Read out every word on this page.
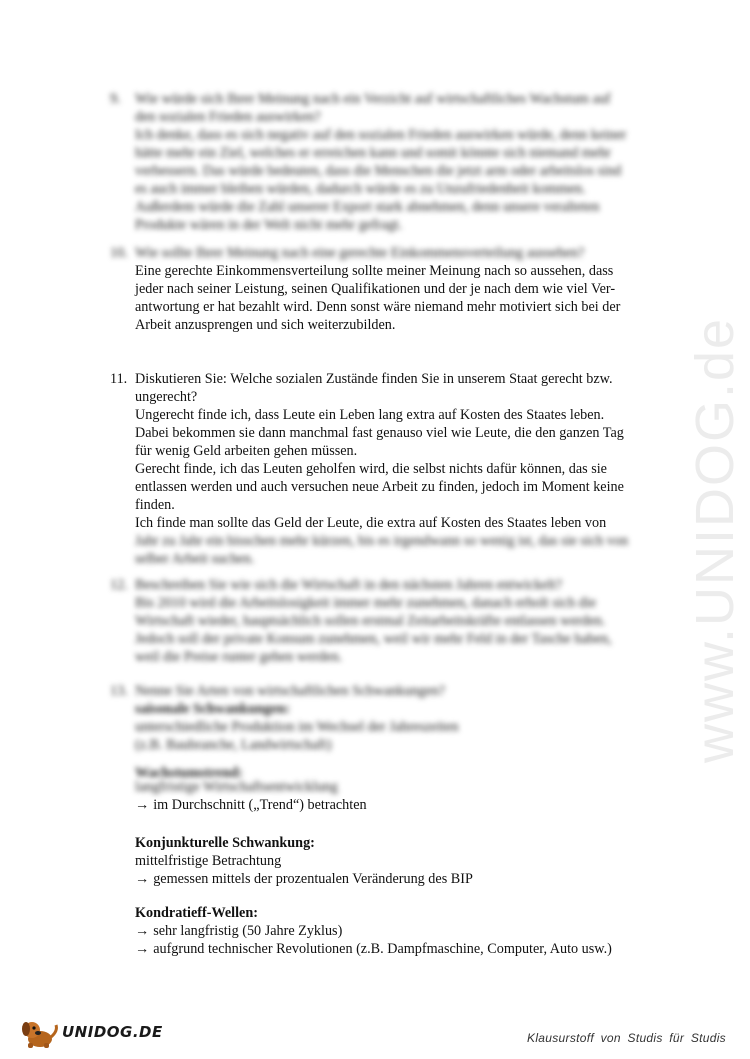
www.UNIDOG.de
9. Wie würde sich Ihrer Meinung nach ein Verzicht auf wirtschaftliches Wachstum auf

den sozialen Frieden auswirken?

Ich denke, dass es sich negativ auf den sozialen Frieden auswirken würde, denn keiner

hätte mehr ein Ziel, welches er erreichen kann und somit könnte sich niemand mehr

verbessern. Das würde bedeuten, dass die Menschen die jetzt arm oder arbeitslos sind

es auch immer bleiben würden, dadurch würde es zu Unzufriedenheit kommen.

Außerdem würde die Zahl unserer Export stark abnehmen, denn unsere veralteten

Produkte wären in der Welt nicht mehr gefragt.

10. Wie sollte Ihrer Meinung nach eine gerechte Einkommensverteilung aussehen?

Eine gerechte Einkommensverteilung sollte meiner Meinung nach so aussehen, dass

jeder nach seiner Leistung, seinen Qualifikationen und der je nach dem wie viel Ver-

antwortung er hat bezahlt wird. Denn sonst wäre niemand mehr motiviert sich bei der

Arbeit anzusprengen und sich weiterzubilden.

11. Diskutieren Sie: Welche sozialen Zustände finden Sie in unserem Staat gerecht bzw.

ungerecht?

Ungerecht finde ich, dass Leute ein Leben lang extra auf Kosten des Staates leben.

Dabei bekommen sie dann manchmal fast genauso viel wie Leute, die den ganzen Tag

für wenig Geld arbeiten gehen müssen.

Gerecht finde, ich das Leuten geholfen wird, die selbst nichts dafür können, das sie

entlassen werden und auch versuchen neue Arbeit zu finden, jedoch im Moment keine

finden.

Ich finde man sollte das Geld der Leute, die extra auf Kosten des Staates leben von

Jahr zu Jahr ein bisschen mehr kürzen, bis es irgendwann so wenig ist, das sie sich von

selber Arbeit suchen.

12. Beschreiben Sie wie sich die Wirtschaft in den nächsten Jahren entwickelt?

Bis 2010 wird die Arbeitslosigkeit immer mehr zunehmen, danach erholt sich die

Wirtschaft wieder, hauptsächlich sollen erstmal Zeitarbeitskräfte entlassen werden.

Jedoch soll der private Konsum zunehmen, weil wir mehr Feld in der Tasche haben,

weil die Preise runter gehen werden.

13. Nenne Sie Arten von wirtschaftlichen Schwankungen?

saisonale Schwankungen:

unterschiedliche Produktion im Wechsel der Jahreszeiten

(z.B. Baubranche, Landwirtschaft)

Wachstumstrend:

langfristige Wirtschaftsentwicklung

→ im Durchschnitt („Trend“) betrachten

Konjunkturelle Schwankung:

mittelfristige Betrachtung

→ gemessen mittels der prozentualen Veränderung des BIP

Kondratieff-Wellen:

→ sehr langfristig (50 Jahre Zyklus)

→ aufgrund technischer Revolutionen (z.B. Dampfmaschine, Computer, Auto usw.)

UNIDOG.DE	Klausurstoff von Studis für Studis
